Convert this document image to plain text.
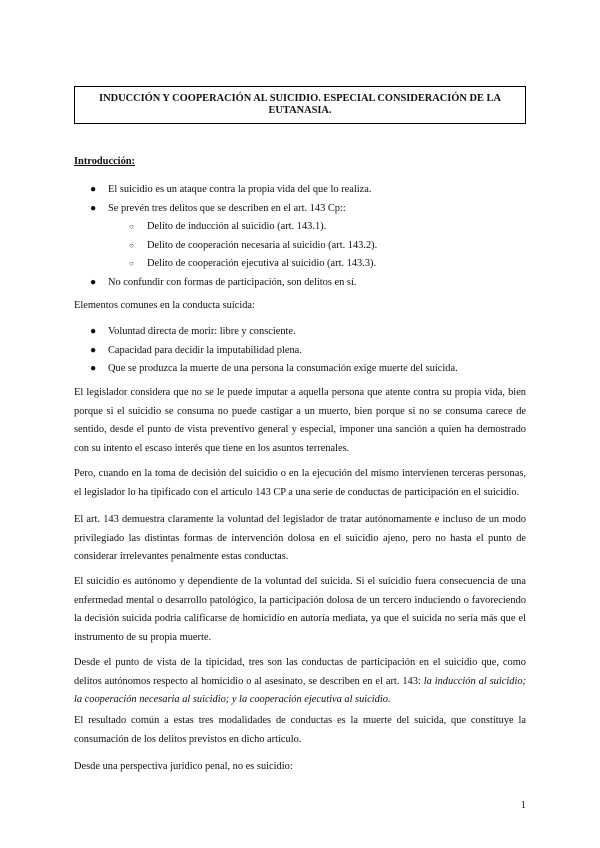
INDUCCIÓN Y COOPERACIÓN AL SUICIDIO. ESPECIAL CONSIDERACIÓN DE LA EUTANASIA.
Introducción:
● El suicidio es un ataque contra la propia vida del que lo realiza.
● Se prevén tres delitos que se describen en el art. 143 Cp::
○ Delito de inducción al suicidio (art. 143.1).
○ Delito de cooperación necesaria al suicidio (art. 143.2).
○ Delito de cooperación ejecutiva al suicidio (art. 143.3).
● No confundir con formas de participación, son delitos en sí.
Elementos comunes en la conducta suicida:
● Voluntad directa de morir: libre y consciente.
● Capacidad para decidir la imputabilidad plena.
● Que se produzca la muerte de una persona la consumación exige muerte del suicida.
El legislador considera que no se le puede imputar a aquella persona que atente contra su propia vida, bien porque si el suicidio se consuma no puede castigar a un muerto, bien porque si no se consuma carece de sentido, desde el punto de vista preventivo general y especial, imponer una sanción a quien ha demostrado con su intento el escaso interés que tiene en los asuntos terrenales.
Pero, cuando en la toma de decisión del suicidio o en la ejecución del mismo intervienen terceras personas, el legislador lo ha tipificado con el artículo 143 CP a una serie de conductas de participación en el suicidio.
El art. 143 demuestra claramente la voluntad del legislador de tratar autónomamente e incluso de un modo privilegiado las distintas formas de intervención dolosa en el suicidio ajeno, pero no hasta el punto de considerar irrelevantes penalmente estas conductas.
El suicidio es autónomo y dependiente de la voluntad del suicida. Si el suicidio fuera consecuencia de una enfermedad mental o desarrollo patológico, la participación dolosa de un tercero induciendo o favoreciendo la decisión suicida podría calificarse de homicidio en autoría mediata, ya que el suicida no sería más que el instrumento de su propia muerte.
Desde el punto de vista de la tipicidad, tres son las conductas de participación en el suicidio que, como delitos autónomos respecto al homicidio o al asesinato, se describen en el art. 143: la inducción al suicidio; la cooperación necesaria al suicidio; y la cooperación ejecutiva al suicidio.
El resultado común a estas tres modalidades de conductas es la muerte del suicida, que constituye la consumación de los delitos previstos en dicho artículo.
Desde una perspectiva jurídico penal, no es suicidio:
1
